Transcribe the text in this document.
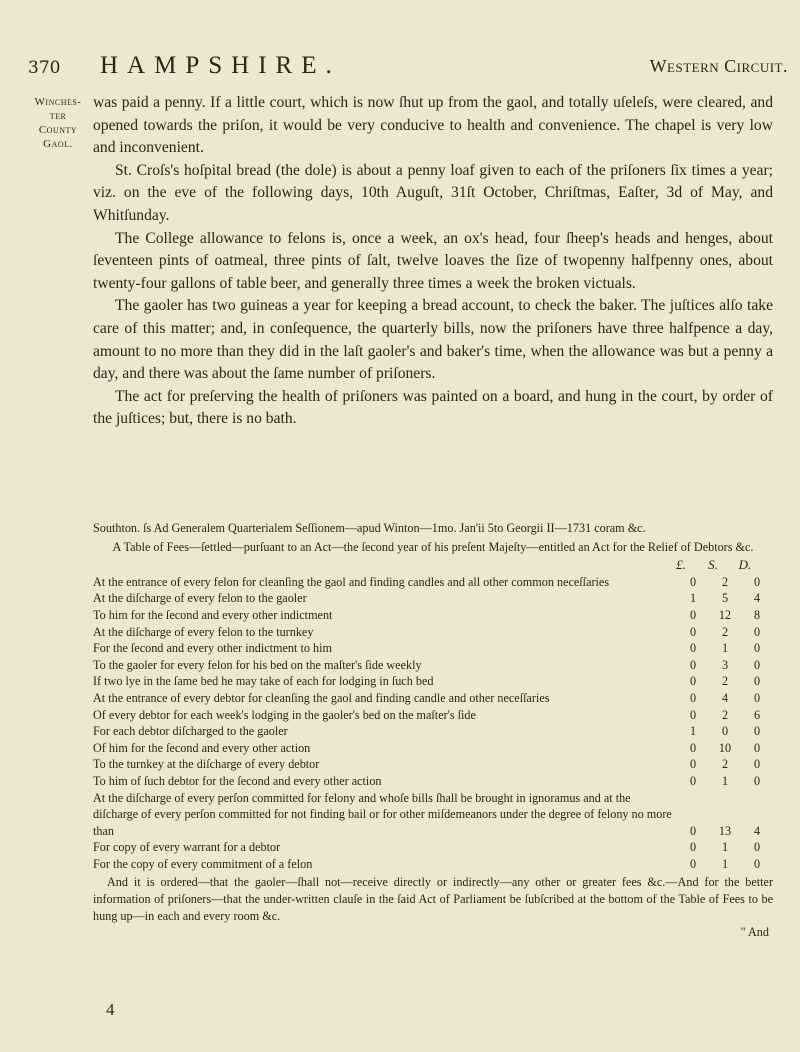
370 HAMPSHIRE.	Western Circuit.
Winches-
ter
County
Gaol.

was paid a penny. If a little court, which is now ſhut up from the gaol, and totally uſeleſs, were cleared, and opened towards the priſon, it would be very conducive to health and convenience. The chapel is very low and inconvenient.

St. Croſs's hoſpital bread (the dole) is about a penny loaf given to each of the priſoners ſix times a year; viz. on the eve of the following days, 10th Auguſt, 31ſt October, Chriſtmas, Eaſter, 3d of May, and Whitſunday.

The College allowance to felons is, once a week, an ox's head, four ſheep's heads and henges, about ſeventeen pints of oatmeal, three pints of ſalt, twelve loaves the ſize of twopenny halfpenny ones, about twenty-four gallons of table beer, and generally three times a week the broken victuals.

The gaoler has two guineas a year for keeping a bread account, to check the baker. The juſtices alſo take care of this matter; and, in conſequence, the quarterly bills, now the priſoners have three halfpence a day, amount to no more than they did in the laſt gaoler's and baker's time, when the allowance was but a penny a day, and there was about the ſame number of priſoners.

The act for preſerving the health of priſoners was painted on a board, and hung in the court, by order of the juſtices; but, there is no bath.

Southton. ſs Ad Generalem Quarterialem Seſſionem—apud Winton—1mo. Jan'ii 5to Georgii II—1731 coram &c.

A Table of Fees—ſettled—purſuant to an Act—the ſecond year of his preſent Majeſty—entitled an Act for the Relief of Debtors &c.

£.	S.	D.
At the entrance of every felon for cleanſing the gaol and finding candles and all other common neceſſaries	0	2	0
At the diſcharge of every felon to the gaoler	1	5	4
To him for the ſecond and every other indictment	0	12	8
At the diſcharge of every felon to the turnkey	0	2	0
For the ſecond and every other indictment to him	0	1	0
To the gaoler for every felon for his bed on the maſter's ſide weekly	0	3	0
If two lye in the ſame bed he may take of each for lodging in ſuch bed	0	2	0
At the entrance of every debtor for cleanſing the gaol and finding candle and other neceſſaries	0	4	0
Of every debtor for each week's lodging in the gaoler's bed on the maſter's ſide	0	2	6
For each debtor diſcharged to the gaoler	1	0	0
Of him for the ſecond and every other action	0	10	0
To the turnkey at the diſcharge of every debtor	0	2	0
To him of ſuch debtor for the ſecond and every other action	0	1	0
At the diſcharge of every perſon committed for felony and whoſe bills ſhall be brought in ignoramus and at the diſcharge of every perſon committed for not finding bail or for other miſdemeanors under the degree of felony no more than	0	13	4
For copy of every warrant for a debtor	0	1	0
For the copy of every commitment of a felon	0	1	0

And it is ordered—that the gaoler—ſhall not—receive directly or indirectly—any other or greater fees &c.—And for the better information of priſoners—that the under-written clauſe in the ſaid Act of Parliament be ſubſcribed at the bottom of the Table of Fees to be hung up—in each and every room &c.

" And
4
